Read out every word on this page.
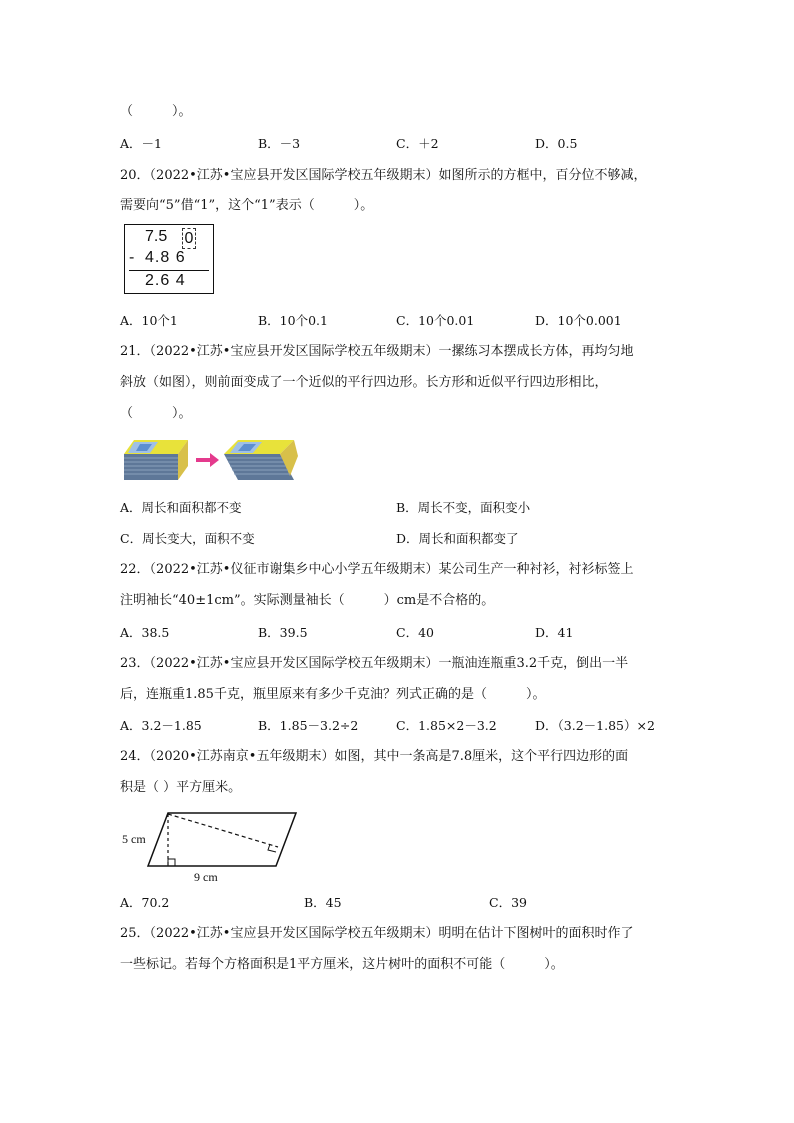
（　　　）。
A．－1	B．－3	C．＋2	D．0.5
20．（2022•江苏•宝应县开发区国际学校五年级期末）如图所示的方框中，百分位不够减，
需要向“5”借“1”，这个“1”表示（　　　）。
7.5 0
- 4.8 6
2.6 4
A．10个1	B．10个0.1	C．10个0.01	D．10个0.001
21．（2022•江苏•宝应县开发区国际学校五年级期末）一摞练习本摆成长方体，再均匀地
斜放（如图），则前面变成了一个近似的平行四边形。长方形和近似平行四边形相比，
（　　　）。
A．周长和面积都不变	B．周长不变，面积变小
C．周长变大，面积不变	D．周长和面积都变了
22．（2022•江苏•仪征市谢集乡中心小学五年级期末）某公司生产一种衬衫，衬衫标签上
注明袖长“40±1cm”。实际测量袖长（　　　）cm是不合格的。
A．38.5	B．39.5	C．40	D．41
23．（2022•江苏•宝应县开发区国际学校五年级期末）一瓶油连瓶重3.2千克，倒出一半
后，连瓶重1.85千克，瓶里原来有多少千克油？列式正确的是（　　　）。
A．3.2－1.85	B．1.85－3.2÷2	C．1.85×2－3.2	D．（3.2－1.85）×2
24．（2020•江苏南京•五年级期末）如图，其中一条高是7.8厘米，这个平行四边形的面
积是（ ）平方厘米。
5 cm
9 cm
A．70.2	B．45	C．39
25．（2022•江苏•宝应县开发区国际学校五年级期末）明明在估计下图树叶的面积时作了
一些标记。若每个方格面积是1平方厘米，这片树叶的面积不可能（　　　）。
